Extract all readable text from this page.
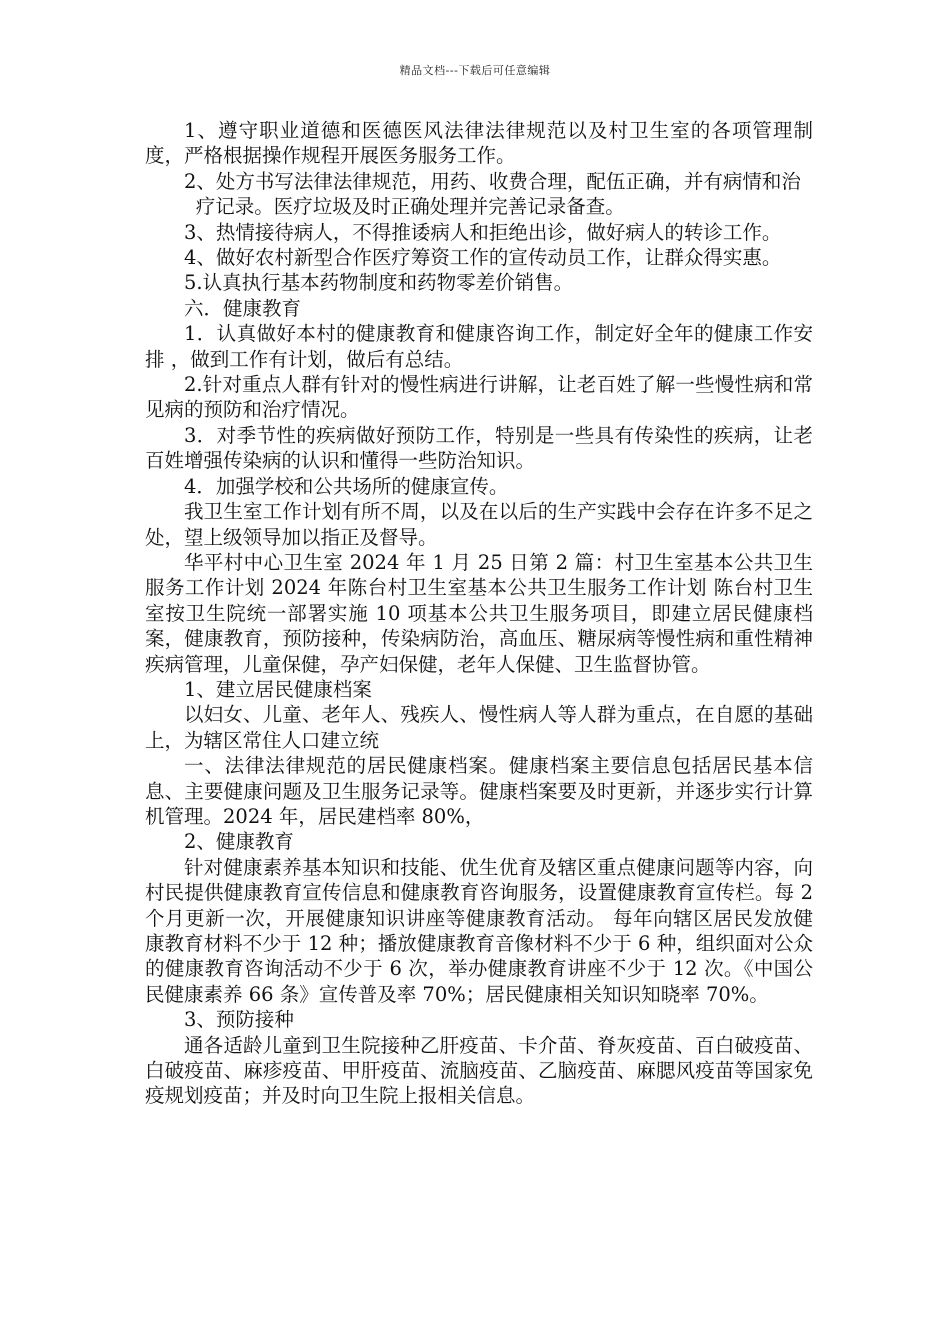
精品文档---下载后可任意编辑

1、遵守职业道德和医德医风法律法律规范以及村卫生室的各项管理制度，严格根据操作规程开展医务服务工作。

2、处方书写法律法律规范，用药、收费合理，配伍正确，并有病情和治

疗记录。医疗垃圾及时正确处理并完善记录备查。

3、热情接待病人，不得推诿病人和拒绝出诊，做好病人的转诊工作。

4、做好农村新型合作医疗筹资工作的宣传动员工作，让群众得实惠。

5.认真执行基本药物制度和药物零差价销售。

六．健康教育

1．认真做好本村的健康教育和健康咨询工作，制定好全年的健康工作安排 ，做到工作有计划，做后有总结。

2.针对重点人群有针对的慢性病进行讲解，让老百姓了解一些慢性病和常见病的预防和治疗情况。

3．对季节性的疾病做好预防工作，特别是一些具有传染性的疾病，让老百姓增强传染病的认识和懂得一些防治知识。

4．加强学校和公共场所的健康宣传。

我卫生室工作计划有所不周，以及在以后的生产实践中会存在许多不足之处，望上级领导加以指正及督导。

华平村中心卫生室 2024 年 1 月 25 日第 2 篇：村卫生室基本公共卫生服务工作计划 2024 年陈台村卫生室基本公共卫生服务工作计划 陈台村卫生室按卫生院统一部署实施 10 项基本公共卫生服务项目，即建立居民健康档案，健康教育，预防接种，传染病防治，高血压、糖尿病等慢性病和重性精神疾病管理，儿童保健，孕产妇保健，老年人保健、卫生监督协管。

1、建立居民健康档案

以妇女、儿童、老年人、残疾人、慢性病人等人群为重点，在自愿的基础上，为辖区常住人口建立统

一、法律法律规范的居民健康档案。健康档案主要信息包括居民基本信息、主要健康问题及卫生服务记录等。健康档案要及时更新，并逐步实行计算机管理。2024 年，居民建档率 80%，

2、健康教育

针对健康素养基本知识和技能、优生优育及辖区重点健康问题等内容，向村民提供健康教育宣传信息和健康教育咨询服务，设置健康教育宣传栏。每 2 个月更新一次，开展健康知识讲座等健康教育活动。 每年向辖区居民发放健康教育材料不少于 12 种；播放健康教育音像材料不少于 6 种，组织面对公众的健康教育咨询活动不少于 6 次，举办健康教育讲座不少于 12 次。《中国公民健康素养 66 条》宣传普及率 70%；居民健康相关知识知晓率 70%。

3、预防接种

通各适龄儿童到卫生院接种乙肝疫苗、卡介苗、脊灰疫苗、百白破疫苗、白破疫苗、麻疹疫苗、甲肝疫苗、流脑疫苗、乙脑疫苗、麻腮风疫苗等国家免疫规划疫苗；并及时向卫生院上报相关信息。
